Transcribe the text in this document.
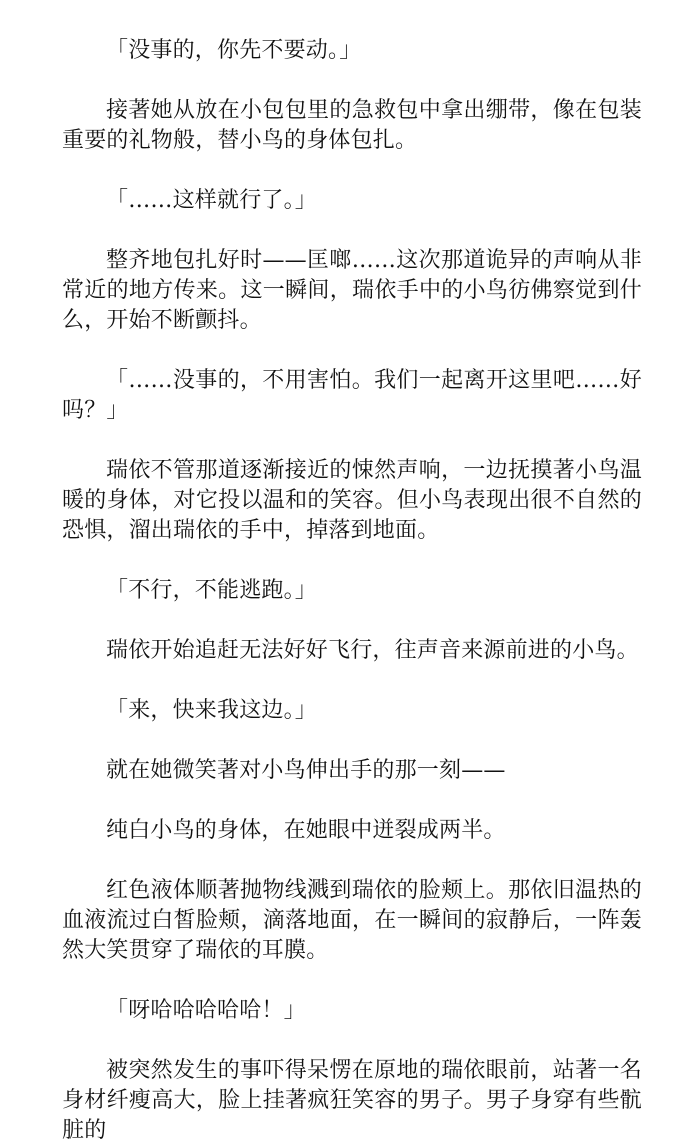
「没事的，你先不要动。」

接著她从放在小包包里的急救包中拿出绷带，像在包装重要的礼物般，替小鸟的身体包扎。

「……这样就行了。」

整齐地包扎好时——匡啷……这次那道诡异的声响从非常近的地方传来。这一瞬间，瑞依手中的小鸟彷佛察觉到什么，开始不断颤抖。

「……没事的，不用害怕。我们一起离开这里吧……好吗？」

瑞依不管那道逐渐接近的悚然声响，一边抚摸著小鸟温暖的身体，对它投以温和的笑容。但小鸟表现出很不自然的恐惧，溜出瑞依的手中，掉落到地面。

「不行，不能逃跑。」

瑞依开始追赶无法好好飞行，往声音来源前进的小鸟。

「来，快来我这边。」

就在她微笑著对小鸟伸出手的那一刻——

纯白小鸟的身体，在她眼中迸裂成两半。

红色液体顺著抛物线溅到瑞依的脸颊上。那依旧温热的血液流过白皙脸颊，滴落地面，在一瞬间的寂静后，一阵轰然大笑贯穿了瑞依的耳膜。

「呀哈哈哈哈哈！」

被突然发生的事吓得呆愣在原地的瑞依眼前，站著一名身材纤瘦高大，脸上挂著疯狂笑容的男子。男子身穿有些骯脏的
